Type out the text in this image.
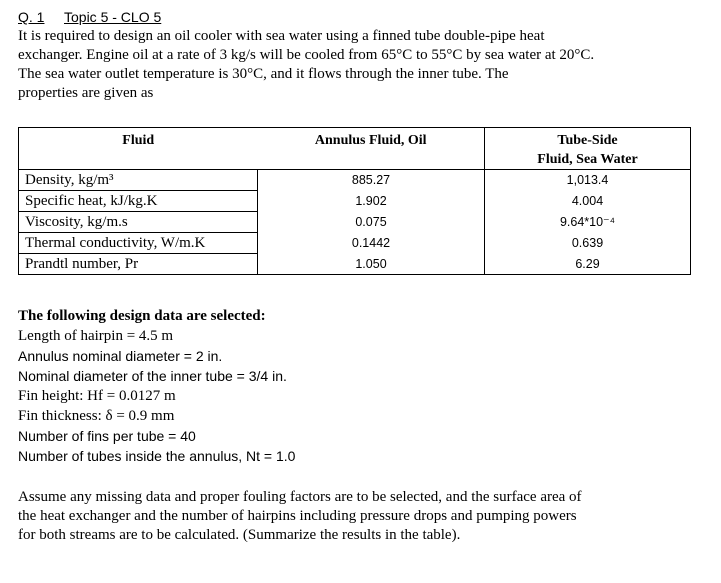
Q. 1 Topic 5 - CLO 5
It is required to design an oil cooler with sea water using a finned tube double-pipe heat
exchanger. Engine oil at a rate of 3 kg/s will be cooled from 65°C to 55°C by sea water at 20°C.
The sea water outlet temperature is 30°C, and it flows through the inner tube. The
properties are given as
Fluid	Annulus Fluid, Oil	Tube-Side
Fluid, Sea Water

Density, kg/m³	885.27	1,013.4
Specific heat, kJ/kg.K	1.902	4.004
Viscosity, kg/m.s	0.075	9.64*10⁻⁴
Thermal conductivity, W/m.K	0.1442	0.639
Prandtl number, Pr	1.050	6.29
The following design data are selected:
Length of hairpin = 4.5 m
Annulus nominal diameter = 2 in.
Nominal diameter of the inner tube = 3/4 in.
Fin height: Hf = 0.0127 m
Fin thickness: δ = 0.9 mm
Number of fins per tube = 40
Number of tubes inside the annulus, Nt = 1.0
Assume any missing data and proper fouling factors are to be selected, and the surface area of
the heat exchanger and the number of hairpins including pressure drops and pumping powers
for both streams are to be calculated. (Summarize the results in the table).
